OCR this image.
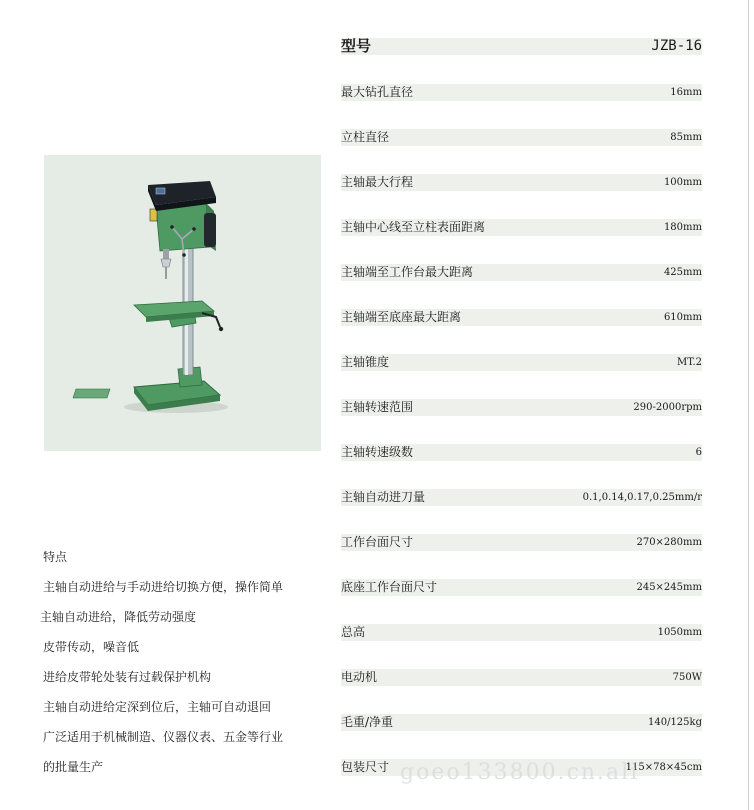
特点
主轴自动进给与手动进给切换方便，操作简单
主轴自动进给，降低劳动强度
皮带传动，噪音低
进给皮带轮处装有过载保护机构
主轴自动进给定深到位后，主轴可自动退回
广泛适用于机械制造、仪器仪表、五金等行业
的批量生产
型号	JZB-16
最大钻孔直径	16mm
立柱直径	85mm
主轴最大行程	100mm
主轴中心线至立柱表面距离	180mm
主轴端至工作台最大距离	425mm
主轴端至底座最大距离	610mm
主轴锥度	MT.2
主轴转速范围	290-2000rpm
主轴转速级数	6
主轴自动进刀量	0.1,0.14,0.17,0.25mm/r
工作台面尺寸	270×280mm
底座工作台面尺寸	245×245mm
总高	1050mm
电动机	750W
毛重/净重	140/125kg
包装尺寸	115×78×45cm
goeo133800.cn.ali
